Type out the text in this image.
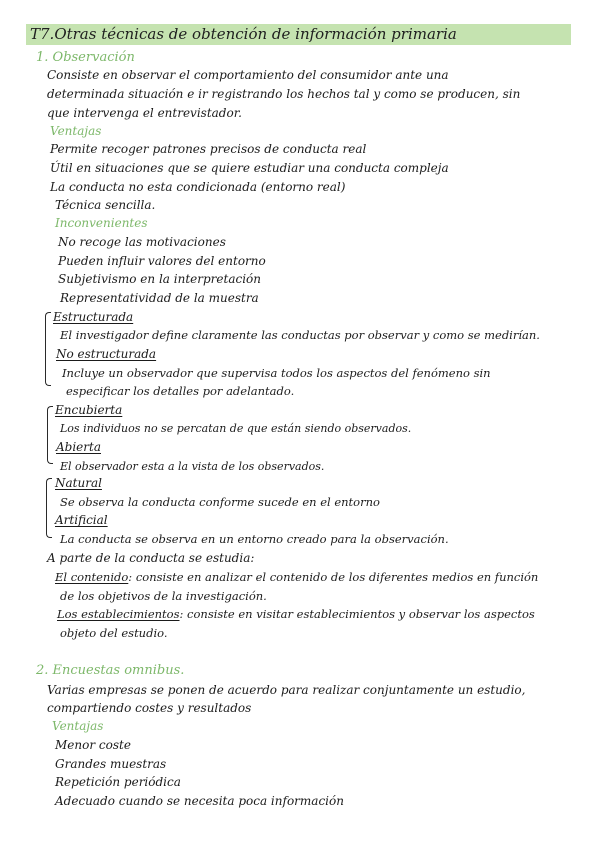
T7.Otras técnicas de obtención de información primaria
1. Observación
Consiste en observar el comportamiento del consumidor ante una
determinada situación e ir registrando los hechos tal y como se producen, sin
que intervenga el entrevistador.
Ventajas
Permite recoger patrones precisos de conducta real
Útil en situaciones que se quiere estudiar una conducta compleja
La conducta no esta condicionada (entorno real)
Técnica sencilla.
Inconvenientes
No recoge las motivaciones
Pueden influir valores del entorno
Subjetivismo en la interpretación
Representatividad de la muestra
Estructurada
El investigador define claramente las conductas por observar y como se medirían.
No estructurada
Incluye un observador que supervisa todos los aspectos del fenómeno sin
especificar los detalles por adelantado.
Encubierta
Los individuos no se percatan de que están siendo observados.
Abierta
El observador esta a la vista de los observados.
Natural
Se observa la conducta conforme sucede en el entorno
Artificial
La conducta se observa en un entorno creado para la observación.
A parte de la conducta se estudia:
El contenido: consiste en analizar el contenido de los diferentes medios en función
de los objetivos de la investigación.
Los establecimientos: consiste en visitar establecimientos y observar los aspectos
objeto del estudio.
2. Encuestas omnibus.
Varias empresas se ponen de acuerdo para realizar conjuntamente un estudio,
compartiendo costes y resultados
Ventajas
Menor coste
Grandes muestras
Repetición periódica
Adecuado cuando se necesita poca información
